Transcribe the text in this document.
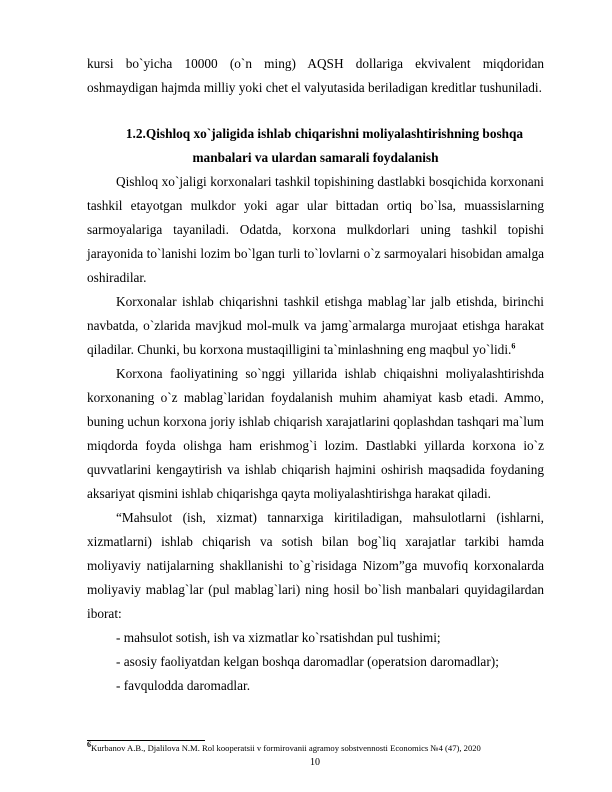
kursi bo`yicha 10000 (o`n ming) AQSH dollariga ekvivalent miqdoridan oshmaydigan hajmda milliy yoki chet el valyutasida beriladigan kreditlar tushuniladi.

1.2.Qishloq xo`jaligida ishlab chiqarishni moliyalashtirishning boshqa
manbalari va ulardan samarali foydalanish

Qishloq xo`jaligi korxonalari tashkil topishining dastlabki bosqichida korxonani tashkil etayotgan mulkdor yoki agar ular bittadan ortiq bo`lsa, muassislarning sarmoyalariga tayaniladi. Odatda, korxona mulkdorlari uning tashkil topishi jarayonida to`lanishi lozim bo`lgan turli to`lovlarni o`z sarmoyalari hisobidan amalga oshiradilar.

Korxonalar ishlab chiqarishni tashkil etishga mablag`lar jalb etishda, birinchi navbatda, o`zlarida mavjkud mol-mulk va jamg`armalarga murojaat etishga harakat qiladilar. Chunki, bu korxona mustaqilligini ta`minlashning eng maqbul yo`lidi.$^6$

Korxona faoliyatining so`nggi yillarida ishlab chiqaishni moliyalashtirishda korxonaning o`z mablag`laridan foydalanish muhim ahamiyat kasb etadi. Ammo, buning uchun korxona joriy ishlab chiqarish xarajatlarini qoplashdan tashqari ma`lum miqdorda foyda olishga ham erishmog`i lozim. Dastlabki yillarda korxona io`z quvvatlarini kengaytirish va ishlab chiqarish hajmini oshirish maqsadida foydaning aksariyat qismini ishlab chiqarishga qayta moliyalashtirishga harakat qiladi.

“Mahsulot (ish, xizmat) tannarxiga kiritiladigan, mahsulotlarni (ishlarni, xizmatlarni) ishlab chiqarish va sotish bilan bog`liq xarajatlar tarkibi hamda moliyaviy natijalarning shakllanishi to`g`risidaga Nizom”ga muvofiq korxonalarda moliyaviy mablag`lar (pul mablag`lari) ning hosil bo`lish manbalari quyidagilardan iborat:

- mahsulot sotish, ish va xizmatlar ko`rsatishdan pul tushimi;

- asosiy faoliyatdan kelgan boshqa daromadlar (operatsion daromadlar);

- favqulodda daromadlar.

6Kurbanov A.B., Djalilova N.M. Rol kooperatsii v formirovanii agramoy sobstvennosti Economics №4 (47), 2020
10
